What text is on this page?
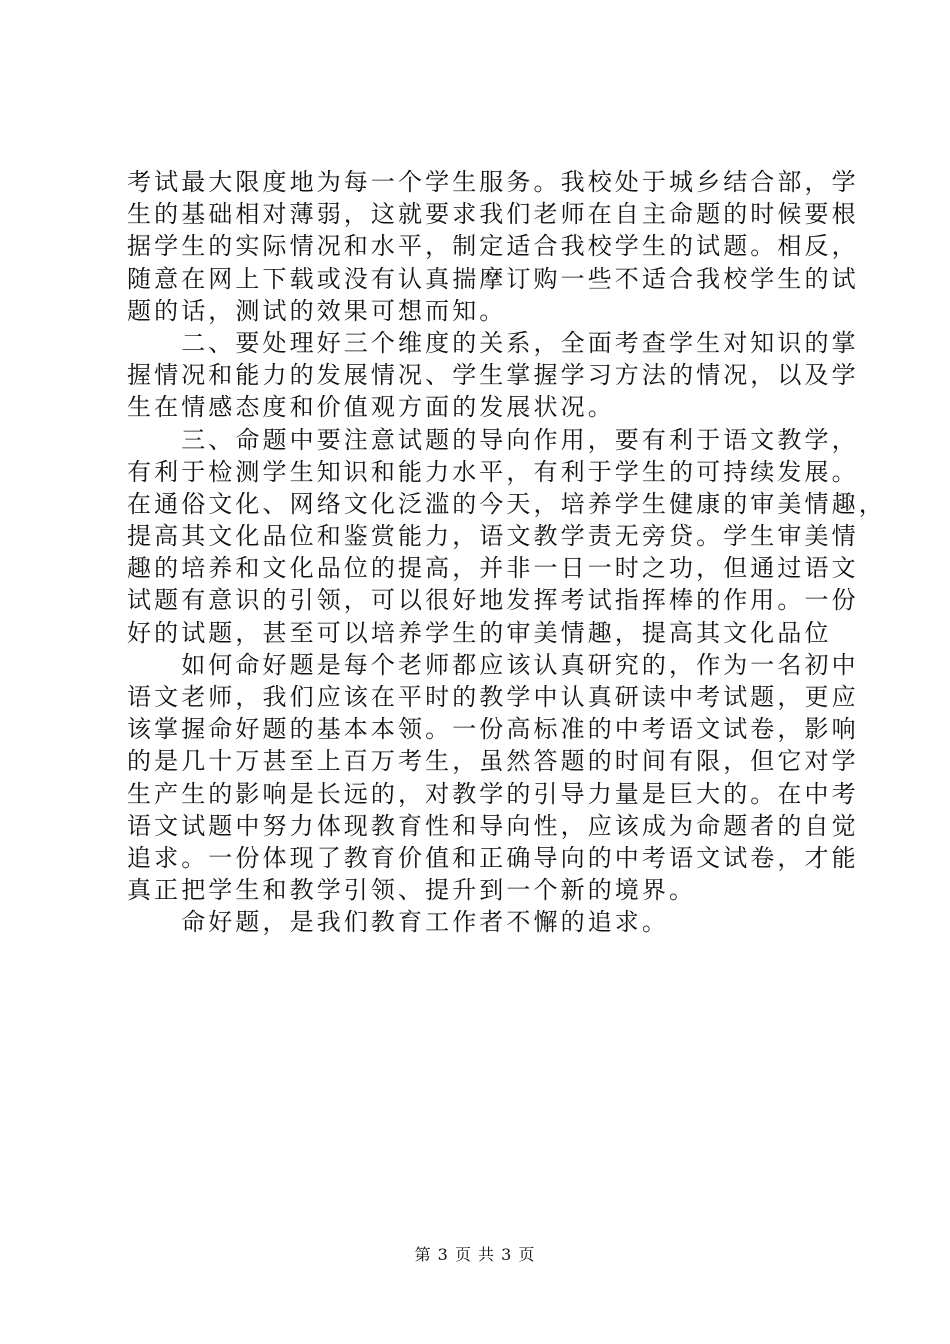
考试最大限度地为每一个学生服务。我校处于城乡结合部，学
生的基础相对薄弱，这就要求我们老师在自主命题的时候要根
据学生的实际情况和水平，制定适合我校学生的试题。相反，
随意在网上下载或没有认真揣摩订购一些不适合我校学生的试
题的话，测试的效果可想而知。
　　二、要处理好三个维度的关系，全面考查学生对知识的掌
握情况和能力的发展情况、学生掌握学习方法的情况，以及学
生在情感态度和价值观方面的发展状况。
　　三、命题中要注意试题的导向作用，要有利于语文教学，
有利于检测学生知识和能力水平，有利于学生的可持续发展。
在通俗文化、网络文化泛滥的今天，培养学生健康的审美情趣，
提高其文化品位和鉴赏能力，语文教学责无旁贷。学生审美情
趣的培养和文化品位的提高，并非一日一时之功，但通过语文
试题有意识的引领，可以很好地发挥考试指挥棒的作用。一份
好的试题，甚至可以培养学生的审美情趣，提高其文化品位
　　如何命好题是每个老师都应该认真研究的，作为一名初中
语文老师，我们应该在平时的教学中认真研读中考试题，更应
该掌握命好题的基本本领。一份高标准的中考语文试卷，影响
的是几十万甚至上百万考生，虽然答题的时间有限，但它对学
生产生的影响是长远的，对教学的引导力量是巨大的。在中考
语文试题中努力体现教育性和导向性，应该成为命题者的自觉
追求。一份体现了教育价值和正确导向的中考语文试卷，才能
真正把学生和教学引领、提升到一个新的境界。
　　命好题，是我们教育工作者不懈的追求。
第 3 页 共 3 页
